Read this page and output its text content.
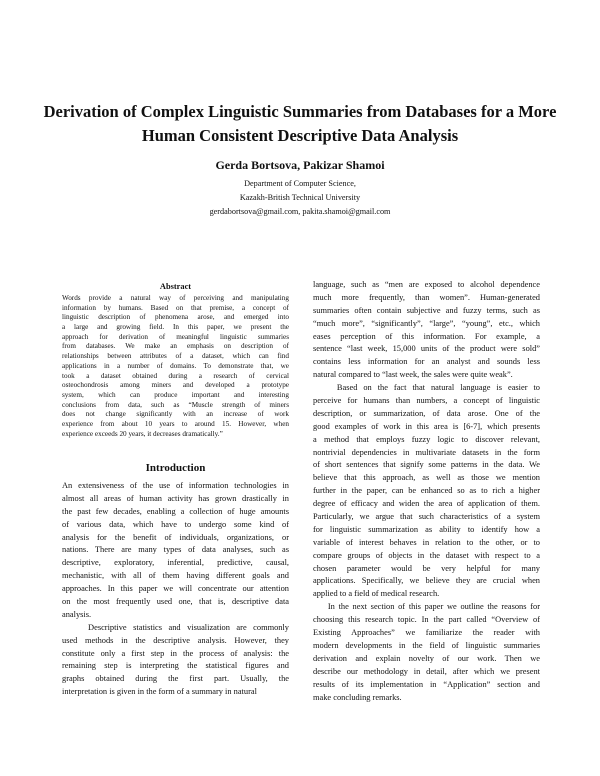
Derivation of Complex Linguistic Summaries from Databases for a More
Human Consistent Descriptive Data Analysis
Gerda Bortsova, Pakizar Shamoi
Department of Computer Science,
Kazakh-British Technical University
gerdabortsova@gmail.com, pakita.shamoi@gmail.com
Abstract
Words provide a natural way of perceiving and manipulating
information by humans. Based on that premise, a concept of
linguistic description of phenomena arose, and emerged into
a large and growing field. In this paper, we present the
approach for derivation of meaningful linguistic summaries
from databases. We make an emphasis on description of
relationships between attributes of a dataset, which can find
applications in a number of domains. To demonstrate that, we
took a dataset obtained during a research of cervical
osteochondrosis among miners and developed a prototype
system, which can produce important and interesting
conclusions from data, such as “Muscle strength of miners
does not change significantly with an increase of work
experience from about 10 years to around 15. However, when
experience exceeds 20 years, it decreases dramatically.”
Introduction
An extensiveness of the use of information technologies in
almost all areas of human activity has grown drastically in
the past few decades, enabling a collection of huge amounts
of various data, which have to undergo some kind of
analysis for the benefit of individuals, organizations, or
nations. There are many types of data analyses, such as
descriptive, exploratory, inferential, predictive, causal,
mechanistic, with all of them having different goals and
approaches. In this paper we will concentrate our attention
on the most frequently used one, that is, descriptive data
analysis.
Descriptive statistics and visualization are commonly
used methods in the descriptive analysis. However, they
constitute only a first step in the process of analysis: the
remaining step is interpreting the statistical figures and
graphs obtained during the first part. Usually, the
interpretation is given in the form of a summary in natural
language, such as “men are exposed to alcohol dependence
much more frequently, than women”. Human-generated
summaries often contain subjective and fuzzy terms, such as
“much more”, “significantly”, “large”, “young”, etc., which
eases perception of this information. For example, a
sentence “last week, 15,000 units of the product were sold”
contains less information for an analyst and sounds less
natural compared to “last week, the sales were quite weak”.
Based on the fact that natural language is easier to
perceive for humans than numbers, a concept of linguistic
description, or summarization, of data arose. One of the
good examples of work in this area is [6-7], which presents
a method that employs fuzzy logic to discover relevant,
nontrivial dependencies in multivariate datasets in the form
of short sentences that signify some patterns in the data. We
believe that this approach, as well as those we mention
further in the paper, can be enhanced so as to rich a higher
degree of efficacy and widen the area of application of them.
Particularly, we argue that such characteristics of a system
for linguistic summarization as ability to identify how a
variable of interest behaves in relation to the other, or to
compare groups of objects in the dataset with respect to a
chosen parameter would be very helpful for many
applications. Specifically, we believe they are crucial when
applied to a field of medical research.
In the next section of this paper we outline the reasons for
choosing this research topic. In the part called “Overview of
Existing Approaches” we familiarize the reader with
modern developments in the field of linguistic summaries
derivation and explain novelty of our work. Then we
describe our methodology in detail, after which we present
results of its implementation in “Application” section and
make concluding remarks.
